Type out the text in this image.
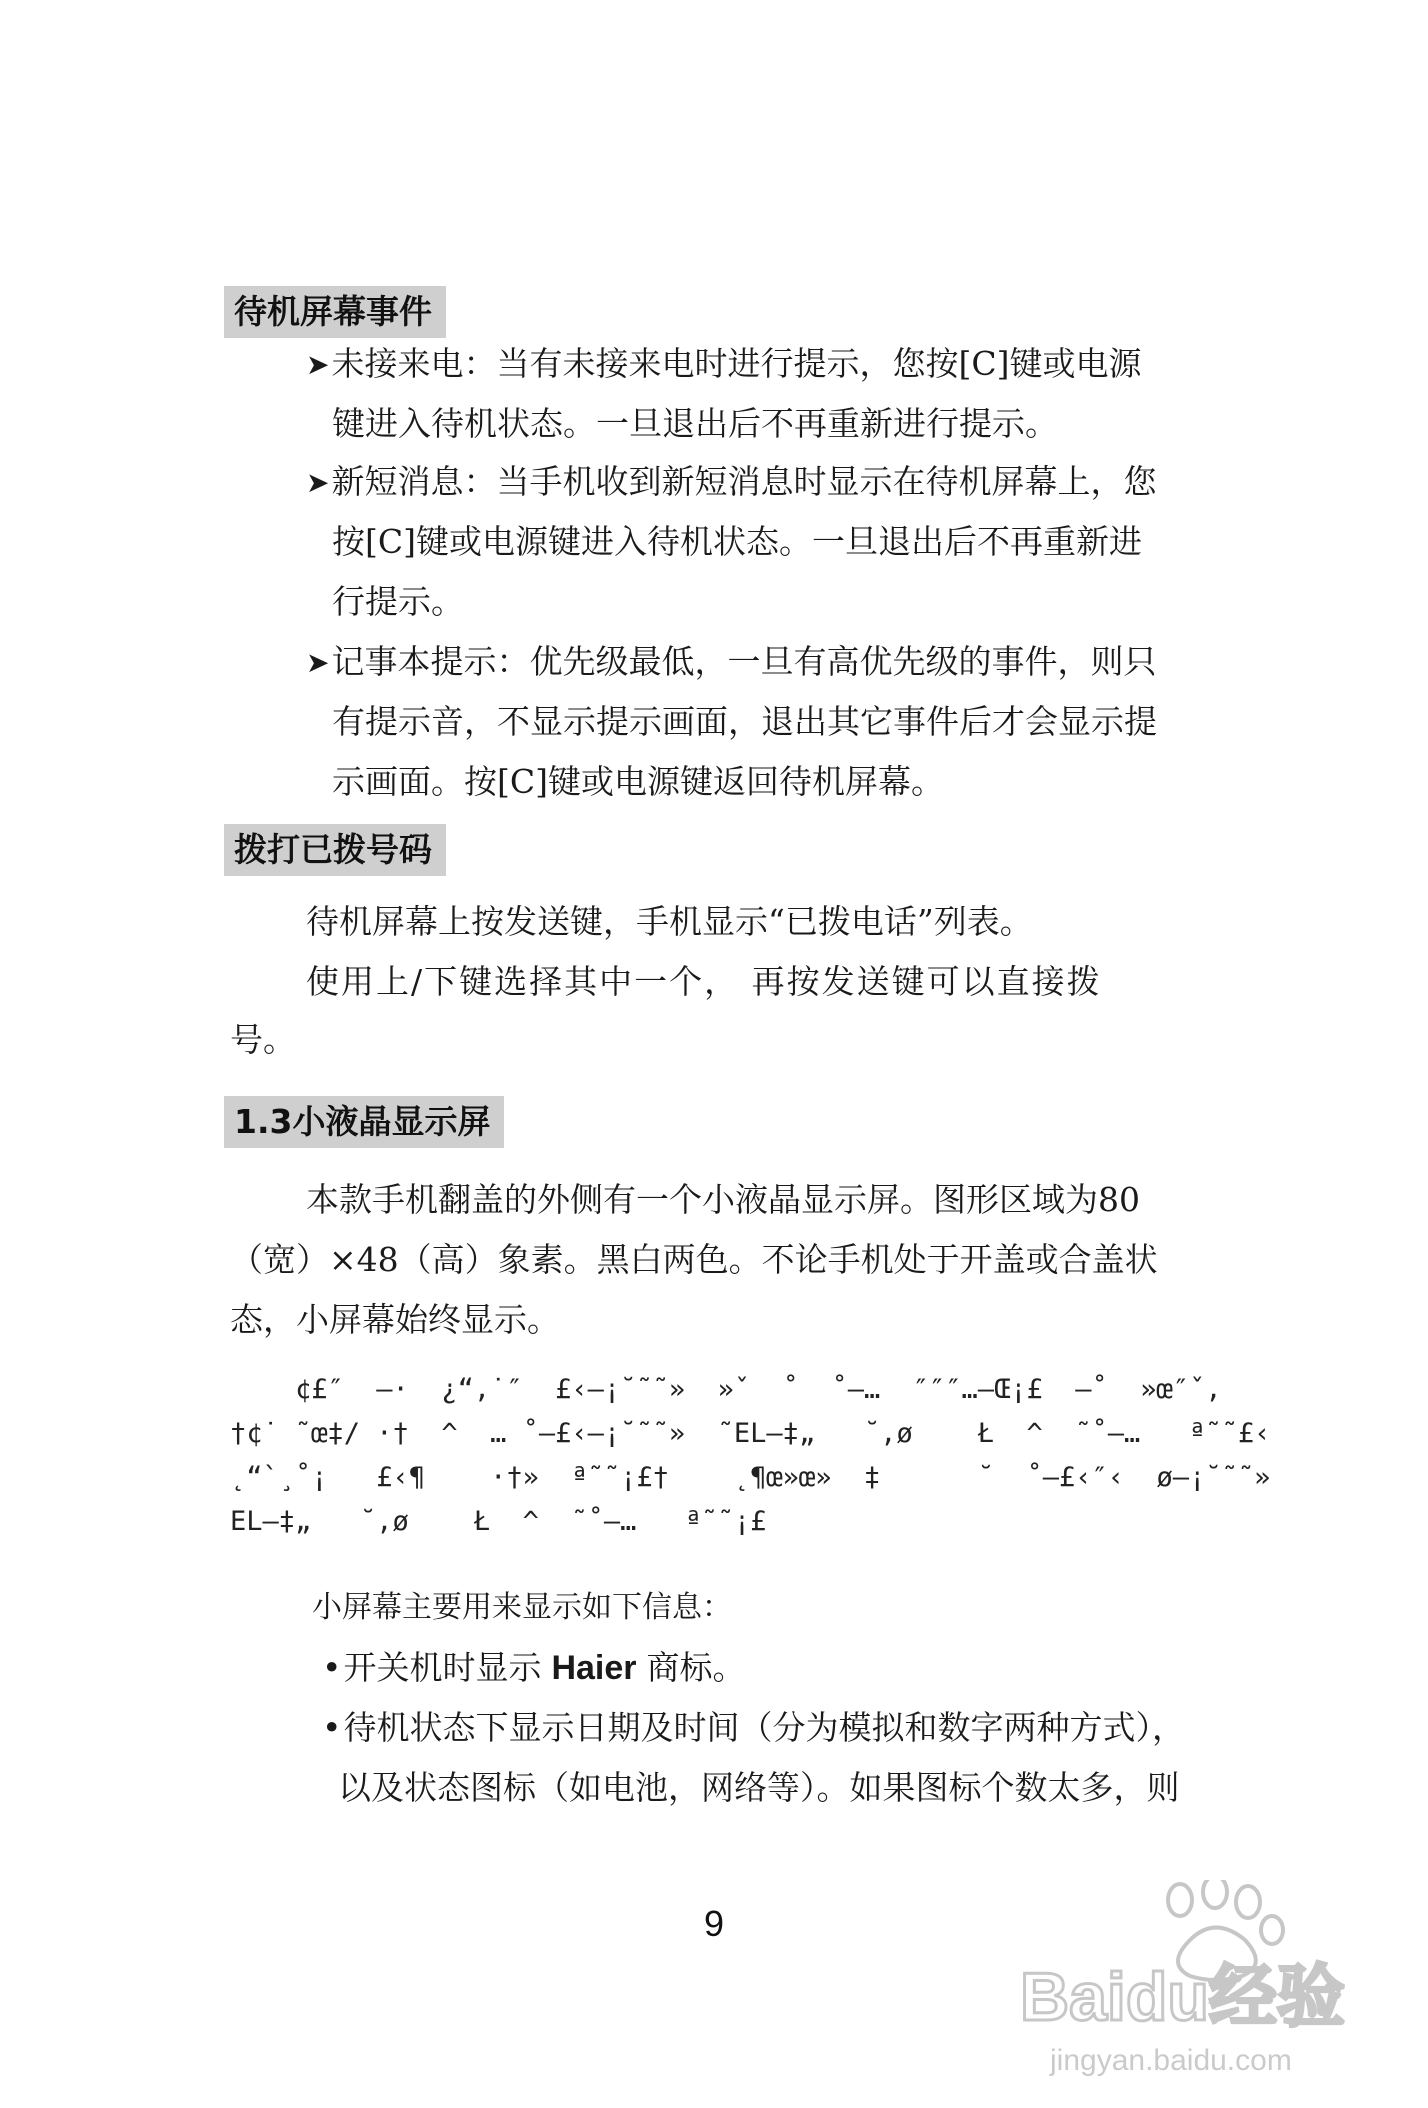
待机屏幕事件
➤未接来电：当有未接来电时进行提示，您按[C]键或电源
键进入待机状态。一旦退出后不再重新进行提示。
➤新短消息：当手机收到新短消息时显示在待机屏幕上，您
按[C]键或电源键进入待机状态。一旦退出后不再重新进
行提示。
➤记事本提示：优先级最低，一旦有高优先级的事件，则只
有提示音，不显示提示画面，退出其它事件后才会显示提
示画面。按[C]键或电源键返回待机屏幕。
拨打已拨号码
待机屏幕上按发送键，手机显示“已拨电话”列表。
使用上/下键选择其中一个， 再按发送键可以直接拨
号。
1.3小液晶显示屏
本款手机翻盖的外侧有一个小液晶显示屏。图形区域为80
（宽）×48（高）象素。黑白两色。不论手机处于开盖或合盖状
态，小屏幕始终显示。
¢£″  –·  ¿“,˙″  £‹—¡˘˜˜»  »ˇ  ˚  ˚–…  ″″″…–Œ¡£  –˚  »œ″ˇ,
†¢˙ ˜œ‡/ ·†  ^  … ˚–£‹—¡˘˜˜»  ˜EL–‡„   ˘,ø    Ł  ^  ˜˚–…   ª˜˜£‹
˛“`¸˚¡   £‹¶    ·†»  ª˜˜¡£†    ˛¶œ»œ»  ‡      ˘  ˚–£‹″‹  ø—¡˘˜˜»
EL–‡„   ˘,ø    Ł  ^  ˜˚–…   ª˜˜¡£
小屏幕主要用来显示如下信息：
•开关机时显示 Haier 商标。
•待机状态下显示日期及时间（分为模拟和数字两种方式），
以及状态图标（如电池，网络等）。如果图标个数太多，则
9
Baidu经验
jingyan.baidu.com
